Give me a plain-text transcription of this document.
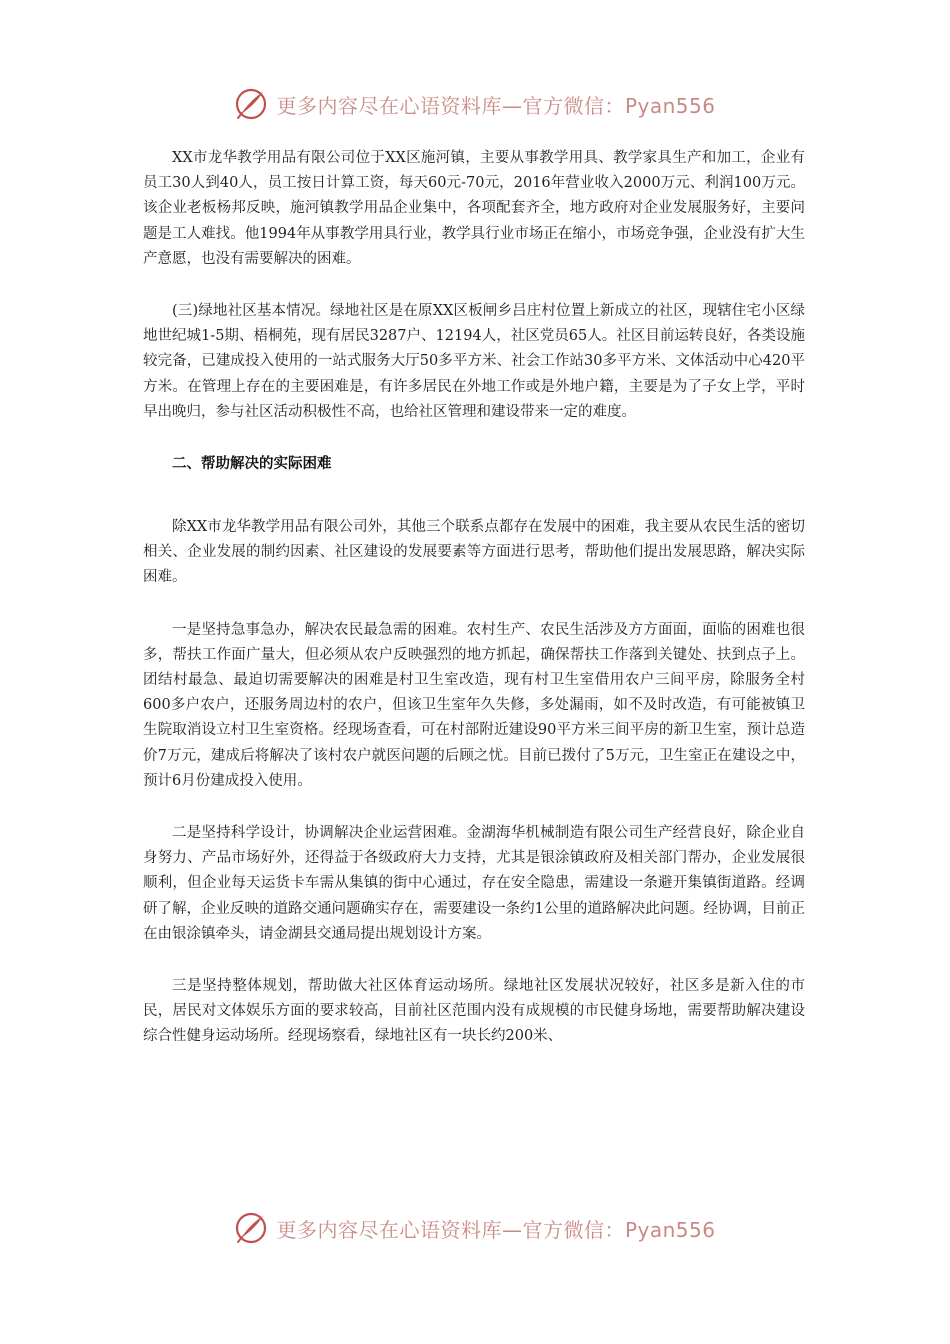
更多内容尽在心语资料库—官方微信：Pyan556

XX市龙华教学用品有限公司位于XX区施河镇，主要从事教学用具、教学家具生产和加工，企业有员工30人到40人，员工按日计算工资，每天60元-70元，2016年营业收入2000万元、利润100万元。该企业老板杨邦反映，施河镇教学用品企业集中，各项配套齐全，地方政府对企业发展服务好，主要问题是工人难找。他1994年从事教学用具行业，教学具行业市场正在缩小，市场竞争强，企业没有扩大生产意愿，也没有需要解决的困难。

(三)绿地社区基本情况。绿地社区是在原XX区板闸乡吕庄村位置上新成立的社区，现辖住宅小区绿地世纪城1-5期、梧桐苑，现有居民3287户、12194人，社区党员65人。社区目前运转良好，各类设施较完备，已建成投入使用的一站式服务大厅50多平方米、社会工作站30多平方米、文体活动中心420平方米。在管理上存在的主要困难是，有许多居民在外地工作或是外地户籍，主要是为了子女上学，平时早出晚归，参与社区活动积极性不高，也给社区管理和建设带来一定的难度。

二、帮助解决的实际困难

除XX市龙华教学用品有限公司外，其他三个联系点都存在发展中的困难，我主要从农民生活的密切相关、企业发展的制约因素、社区建设的发展要素等方面进行思考，帮助他们提出发展思路，解决实际困难。

一是坚持急事急办，解决农民最急需的困难。农村生产、农民生活涉及方方面面，面临的困难也很多，帮扶工作面广量大，但必须从农户反映强烈的地方抓起，确保帮扶工作落到关键处、扶到点子上。团结村最急、最迫切需要解决的困难是村卫生室改造，现有村卫生室借用农户三间平房，除服务全村600多户农户，还服务周边村的农户，但该卫生室年久失修，多处漏雨，如不及时改造，有可能被镇卫生院取消设立村卫生室资格。经现场查看，可在村部附近建设90平方米三间平房的新卫生室，预计总造价7万元，建成后将解决了该村农户就医问题的后顾之忧。目前已拨付了5万元，卫生室正在建设之中，预计6月份建成投入使用。

二是坚持科学设计，协调解决企业运营困难。金湖海华机械制造有限公司生产经营良好，除企业自身努力、产品市场好外，还得益于各级政府大力支持，尤其是银涂镇政府及相关部门帮办，企业发展很顺利，但企业每天运货卡车需从集镇的街中心通过，存在安全隐患，需建设一条避开集镇街道路。经调研了解，企业反映的道路交通问题确实存在，需要建设一条约1公里的道路解决此问题。经协调，目前正在由银涂镇牵头，请金湖县交通局提出规划设计方案。

三是坚持整体规划，帮助做大社区体育运动场所。绿地社区发展状况较好，社区多是新入住的市民，居民对文体娱乐方面的要求较高，目前社区范围内没有成规模的市民健身场地，需要帮助解决建设综合性健身运动场所。经现场察看，绿地社区有一块长约200米、

更多内容尽在心语资料库—官方微信：Pyan556
